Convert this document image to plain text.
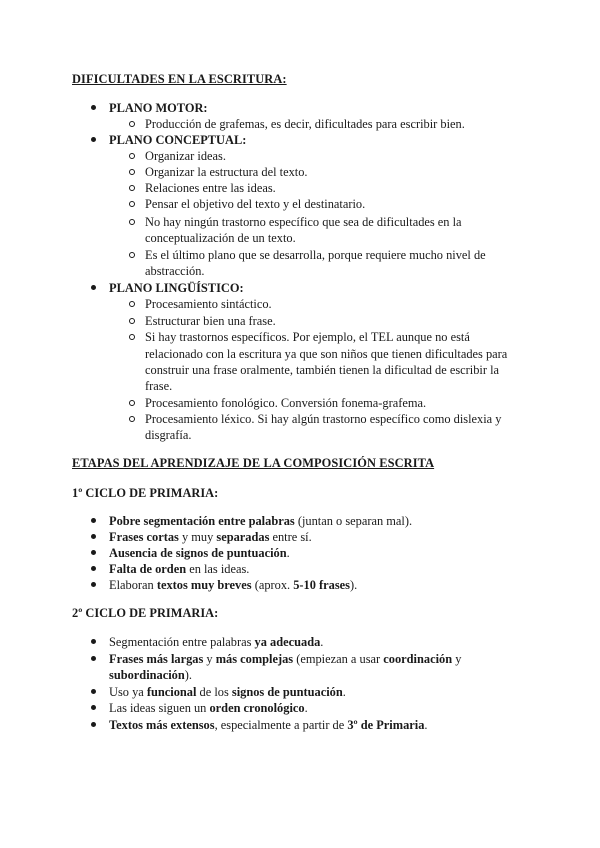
DIFICULTADES EN LA ESCRITURA:
PLANO MOTOR:
Producción de grafemas, es decir, dificultades para escribir bien.
PLANO CONCEPTUAL:
Organizar ideas.
Organizar la estructura del texto.
Relaciones entre las ideas.
Pensar el objetivo del texto y el destinatario.
No hay ningún trastorno específico que sea de dificultades en la
conceptualización de un texto.
Es el último plano que se desarrolla, porque requiere mucho nivel de
abstracción.
PLANO LINGÜÍSTICO:
Procesamiento sintáctico.
Estructurar bien una frase.
Si hay trastornos específicos. Por ejemplo, el TEL aunque no está
relacionado con la escritura ya que son niños que tienen dificultades para
construir una frase oralmente, también tienen la dificultad de escribir la
frase.
Procesamiento fonológico. Conversión fonema-grafema.
Procesamiento léxico. Si hay algún trastorno específico como dislexia y
disgrafía.
ETAPAS DEL APRENDIZAJE DE LA COMPOSICIÓN ESCRITA
1º CICLO DE PRIMARIA:
Pobre segmentación entre palabras (juntan o separan mal).
Frases cortas y muy separadas entre sí.
Ausencia de signos de puntuación.
Falta de orden en las ideas.
Elaboran textos muy breves (aprox. 5-10 frases).
2º CICLO DE PRIMARIA:
Segmentación entre palabras ya adecuada.
Frases más largas y más complejas (empiezan a usar coordinación y
subordinación).
Uso ya funcional de los signos de puntuación.
Las ideas siguen un orden cronológico.
Textos más extensos, especialmente a partir de 3º de Primaria.
